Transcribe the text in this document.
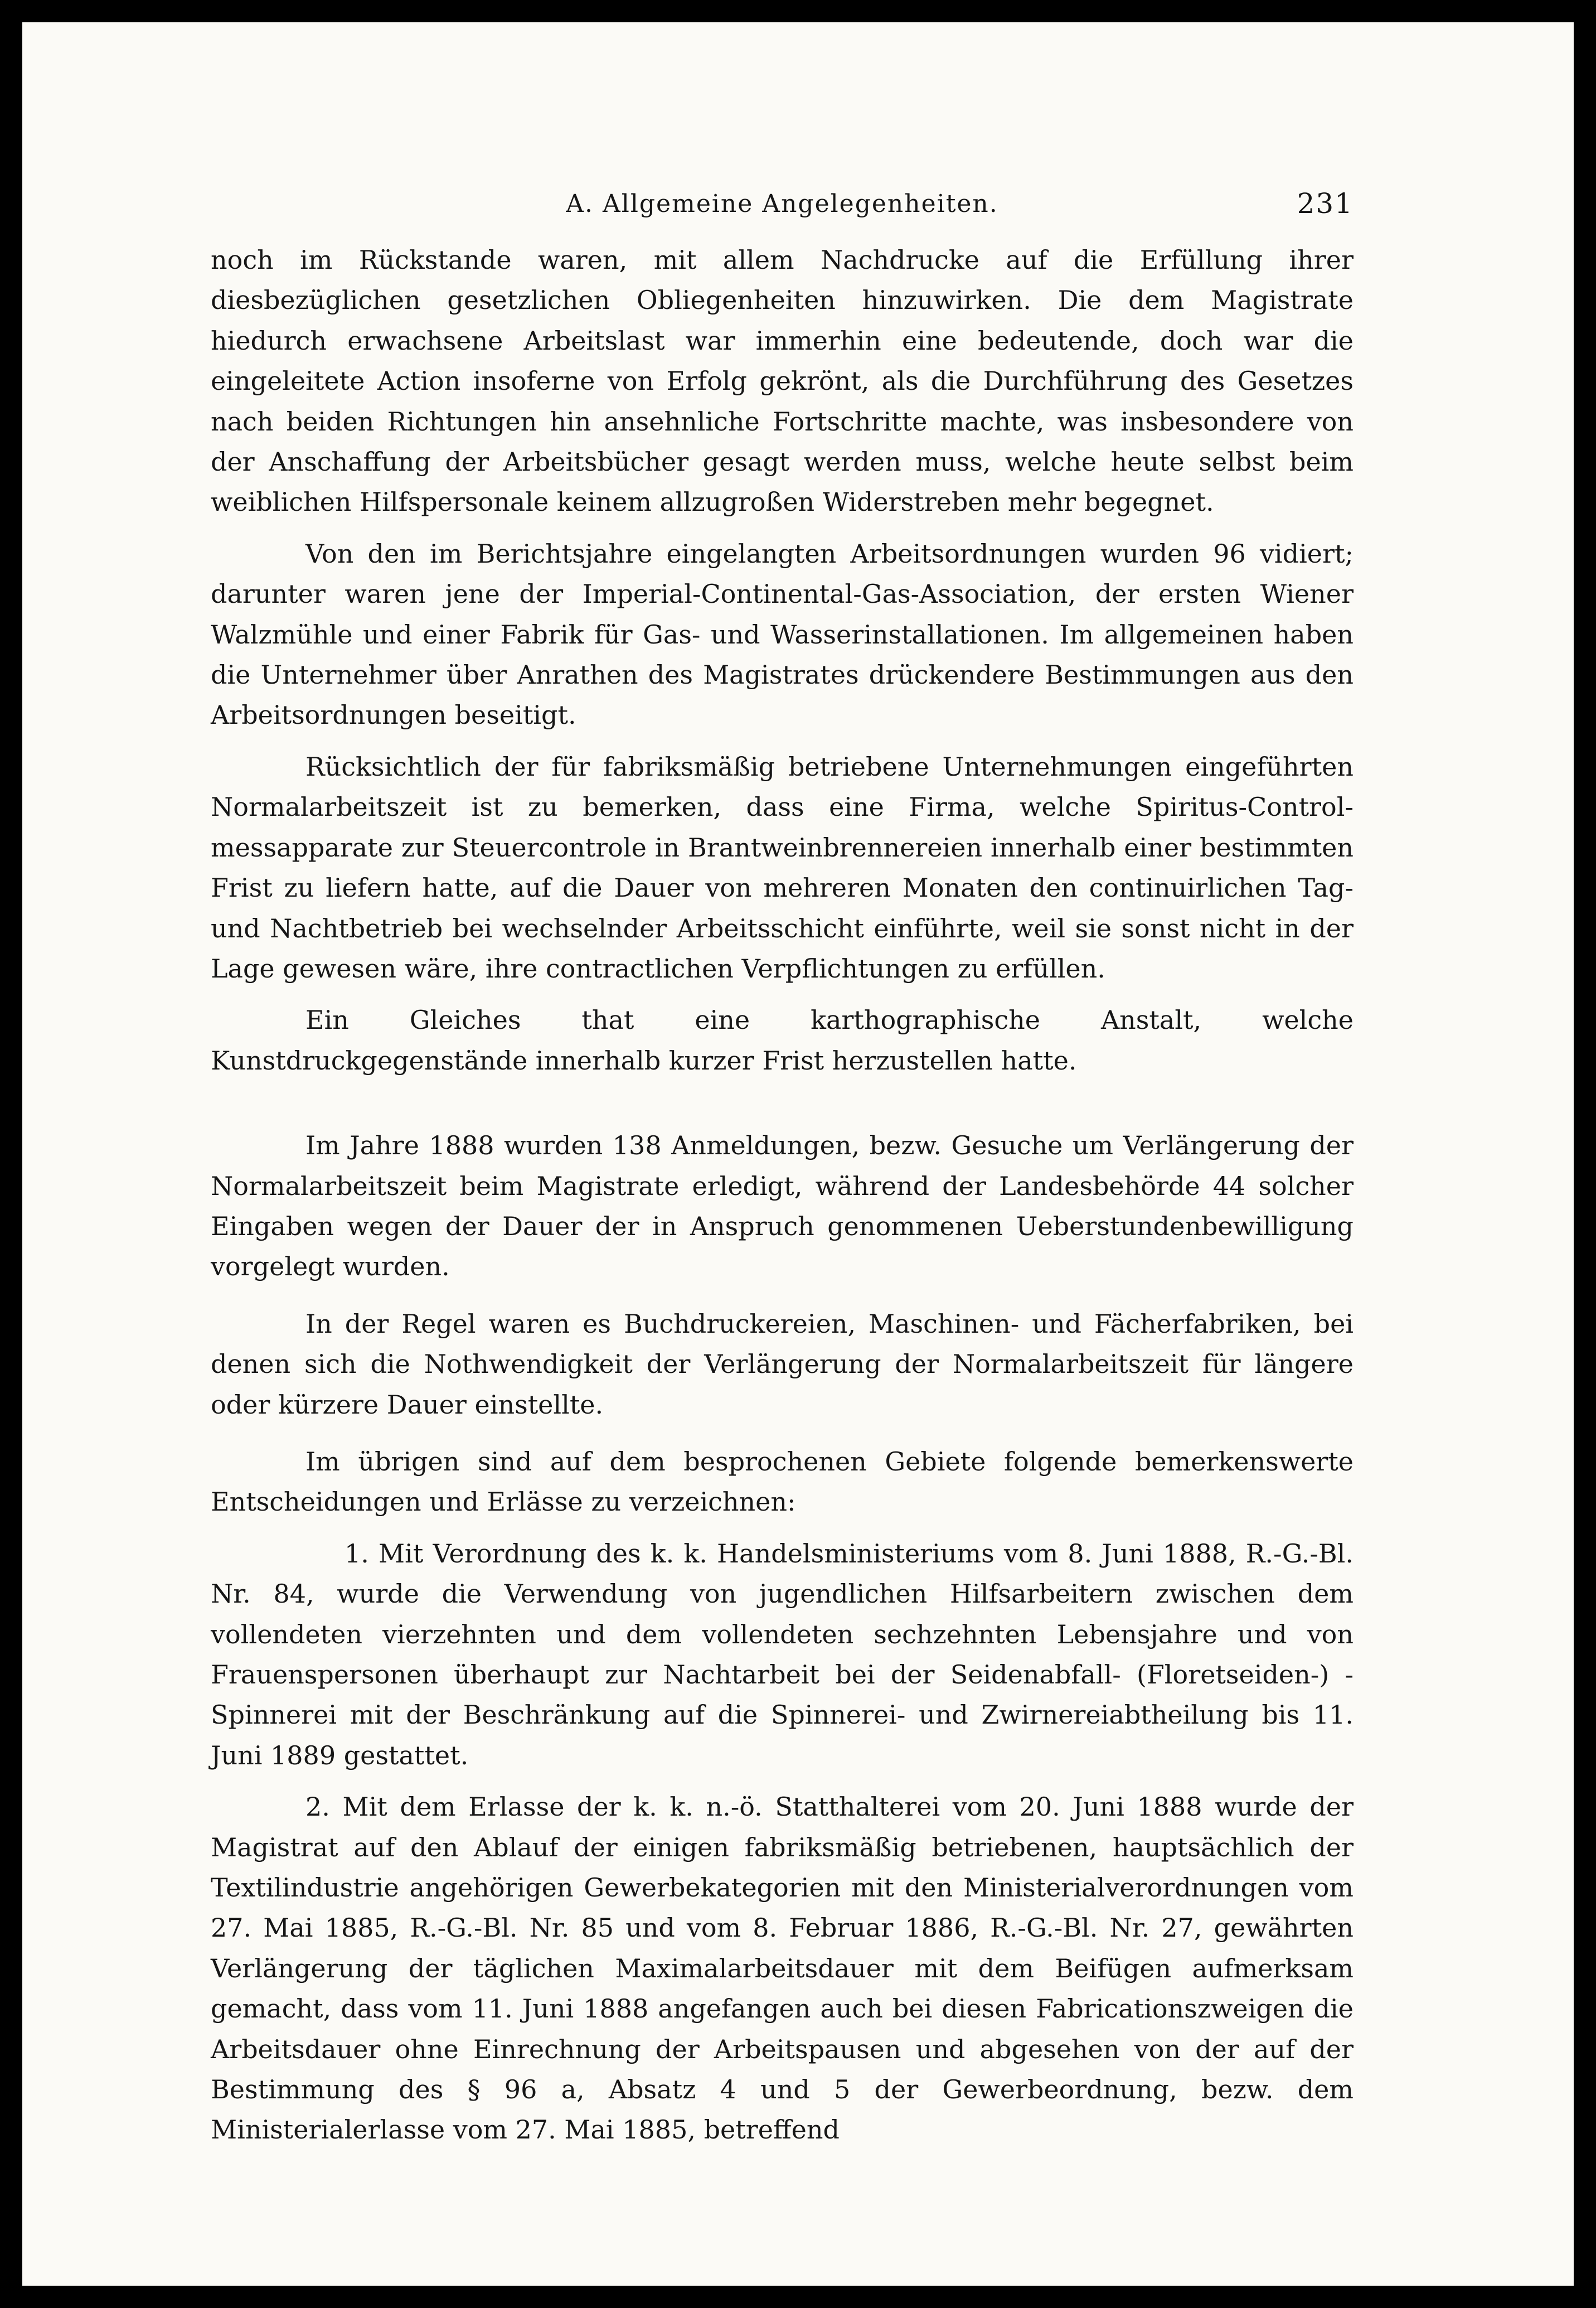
A. Allgemeine Angelegenheiten.	231

noch im Rückstande waren, mit allem Nachdrucke auf die Erfüllung ihrer diesbezüglichen gesetzlichen Obliegenheiten hinzuwirken. Die dem Magistrate hiedurch erwachsene Arbeitslast war immerhin eine bedeutende, doch war die eingeleitete Action insoferne von Erfolg gekrönt, als die Durchführung des Gesetzes nach beiden Richtungen hin ansehnliche Fortschritte machte, was insbesondere von der Anschaffung der Arbeitsbücher gesagt werden muss, welche heute selbst beim weiblichen Hilfspersonale keinem allzugroßen Widerstreben mehr begegnet.

Von den im Berichtsjahre eingelangten Arbeitsordnungen wurden 96 vidiert; darunter waren jene der Imperial-Continental-Gas-Association, der ersten Wiener Walzmühle und einer Fabrik für Gas- und Wasserinstallationen. Im allgemeinen haben die Unternehmer über Anrathen des Magistrates drückendere Bestimmungen aus den Arbeitsordnungen beseitigt.

Rücksichtlich der für fabriksmäßig betriebene Unternehmungen eingeführten Normalarbeitszeit ist zu bemerken, dass eine Firma, welche Spiritus-Control-messapparate zur Steuercontrole in Brantweinbrennereien innerhalb einer bestimmten Frist zu liefern hatte, auf die Dauer von mehreren Monaten den continuirlichen Tag- und Nachtbetrieb bei wechselnder Arbeitsschicht einführte, weil sie sonst nicht in der Lage gewesen wäre, ihre contractlichen Verpflichtungen zu erfüllen.

Ein Gleiches that eine karthographische Anstalt, welche Kunstdruckgegenstände innerhalb kurzer Frist herzustellen hatte.

Im Jahre 1888 wurden 138 Anmeldungen, bezw. Gesuche um Verlängerung der Normalarbeitszeit beim Magistrate erledigt, während der Landesbehörde 44 solcher Eingaben wegen der Dauer der in Anspruch genommenen Ueberstundenbewilligung vorgelegt wurden.

In der Regel waren es Buchdruckereien, Maschinen- und Fächerfabriken, bei denen sich die Nothwendigkeit der Verlängerung der Normalarbeitszeit für längere oder kürzere Dauer einstellte.

Im übrigen sind auf dem besprochenen Gebiete folgende bemerkenswerte Entscheidungen und Erlässe zu verzeichnen:

1. Mit Verordnung des k. k. Handelsministeriums vom 8. Juni 1888, R.-G.-Bl. Nr. 84, wurde die Verwendung von jugendlichen Hilfsarbeitern zwischen dem vollendeten vierzehnten und dem vollendeten sechzehnten Lebensjahre und von Frauenspersonen überhaupt zur Nachtarbeit bei der Seidenabfall- (Floretseiden-) -Spinnerei mit der Beschränkung auf die Spinnerei- und Zwirnereiabtheilung bis 11. Juni 1889 gestattet.

2. Mit dem Erlasse der k. k. n.-ö. Statthalterei vom 20. Juni 1888 wurde der Magistrat auf den Ablauf der einigen fabriksmäßig betriebenen, hauptsächlich der Textilindustrie angehörigen Gewerbekategorien mit den Ministerialverordnungen vom 27. Mai 1885, R.-G.-Bl. Nr. 85 und vom 8. Februar 1886, R.-G.-Bl. Nr. 27, gewährten Verlängerung der täglichen Maximalarbeitsdauer mit dem Beifügen aufmerksam gemacht, dass vom 11. Juni 1888 angefangen auch bei diesen Fabricationszweigen die Arbeitsdauer ohne Einrechnung der Arbeitspausen und abgesehen von der auf der Bestimmung des § 96 a, Absatz 4 und 5 der Gewerbeordnung, bezw. dem Ministerialerlasse vom 27. Mai 1885, betreffend
